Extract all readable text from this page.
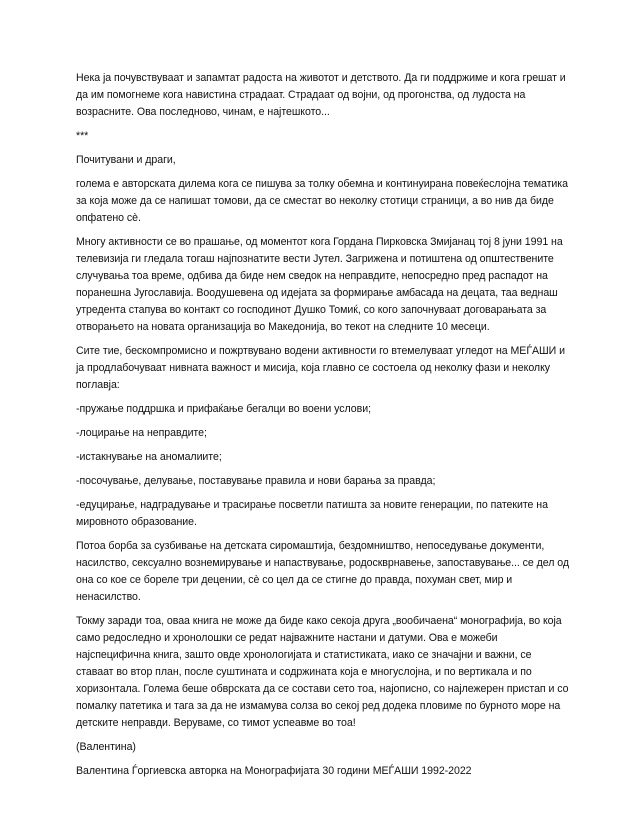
Нека ја почувствуваат и запамтат радоста на животот и детството. Да ги поддржиме и кога грешат и да им помогнеме кога навистина страдаат. Страдаат од војни, од прогонства, од лудоста на возрасните. Ова последново, чинам, е најтешкото...

***

Почитувани и драги,

голема е авторската дилема кога се пишува за толку обемна и континуирана повеќеслојна тематика за која може да се напишат томови, да се сместат во неколку стотици страници, а во нив да биде опфатено сè.

Многу активности се во прашање, од моментот кога Гордана Пирковска Змијанац тој 8 јуни 1991 на телевизија ги гледала тогаш најпознатите вести Јутел. Загрижена и потиштена од општествените случувања тоа време, одбива да биде нем сведок на неправдите, непосредно пред распадот на поранешна Југославија. Воодушевена од идејата за формирање амбасада на децата, таа веднаш утредента стапува во контакт со господинот Душко Томиќ, со кого започнуваат договарањата за отворањето на новата организација во Македонија, во текот на следните 10 месеци.

Сите тие, бескомпромисно и пожртвувано водени активности го втемелуваат угледот на МЕЃАШИ и ја продлабочуваат нивната важност и мисија, која главно се состоела од неколку фази и неколку поглавја:

-пружање поддршка и прифаќање бегалци во воени услови;

-лоцирање на неправдите;

-истакнување на аномалиите;

-посочување, делување, поставување правила и нови барања за правда;

-едуцирање, надградување и трасирање посветли патишта за новите генерации, по патеките на мировното образование.

Потоа борба за сузбивање на детската сиромаштија, бездомништво, непоседување документи, насилство, сексуално вознемирување и напаствување, родоскврнавење, запоставување... се дел од она со кое се бореле три децении, сè со цел да се стигне до правда, похуман свет, мир и ненасилство.

Токму заради тоа, оваа книга не може да биде како секоја друга „вообичаена“ монографија, во која само редоследно и хронолошки се редат најважните настани и датуми. Ова е можеби најспецифична книга, зашто овде хронологијата и статистиката, иако се значајни и важни, се ставаат во втор план, после суштината и содржината која е многуслојна, и по вертикала и по хоризонтала. Голема беше обврската да се состави сето тоа, најописно, со најлежерен пристап и со помалку патетика и тага за да не измамува солза во секој ред додека пловиме по бурното море на детските неправди. Веруваме, со тимот успеавме во тоа!

(Валентина)

Валентина Ѓоргиевска авторка на Монографијата 30 години МЕЃАШИ 1992-2022
